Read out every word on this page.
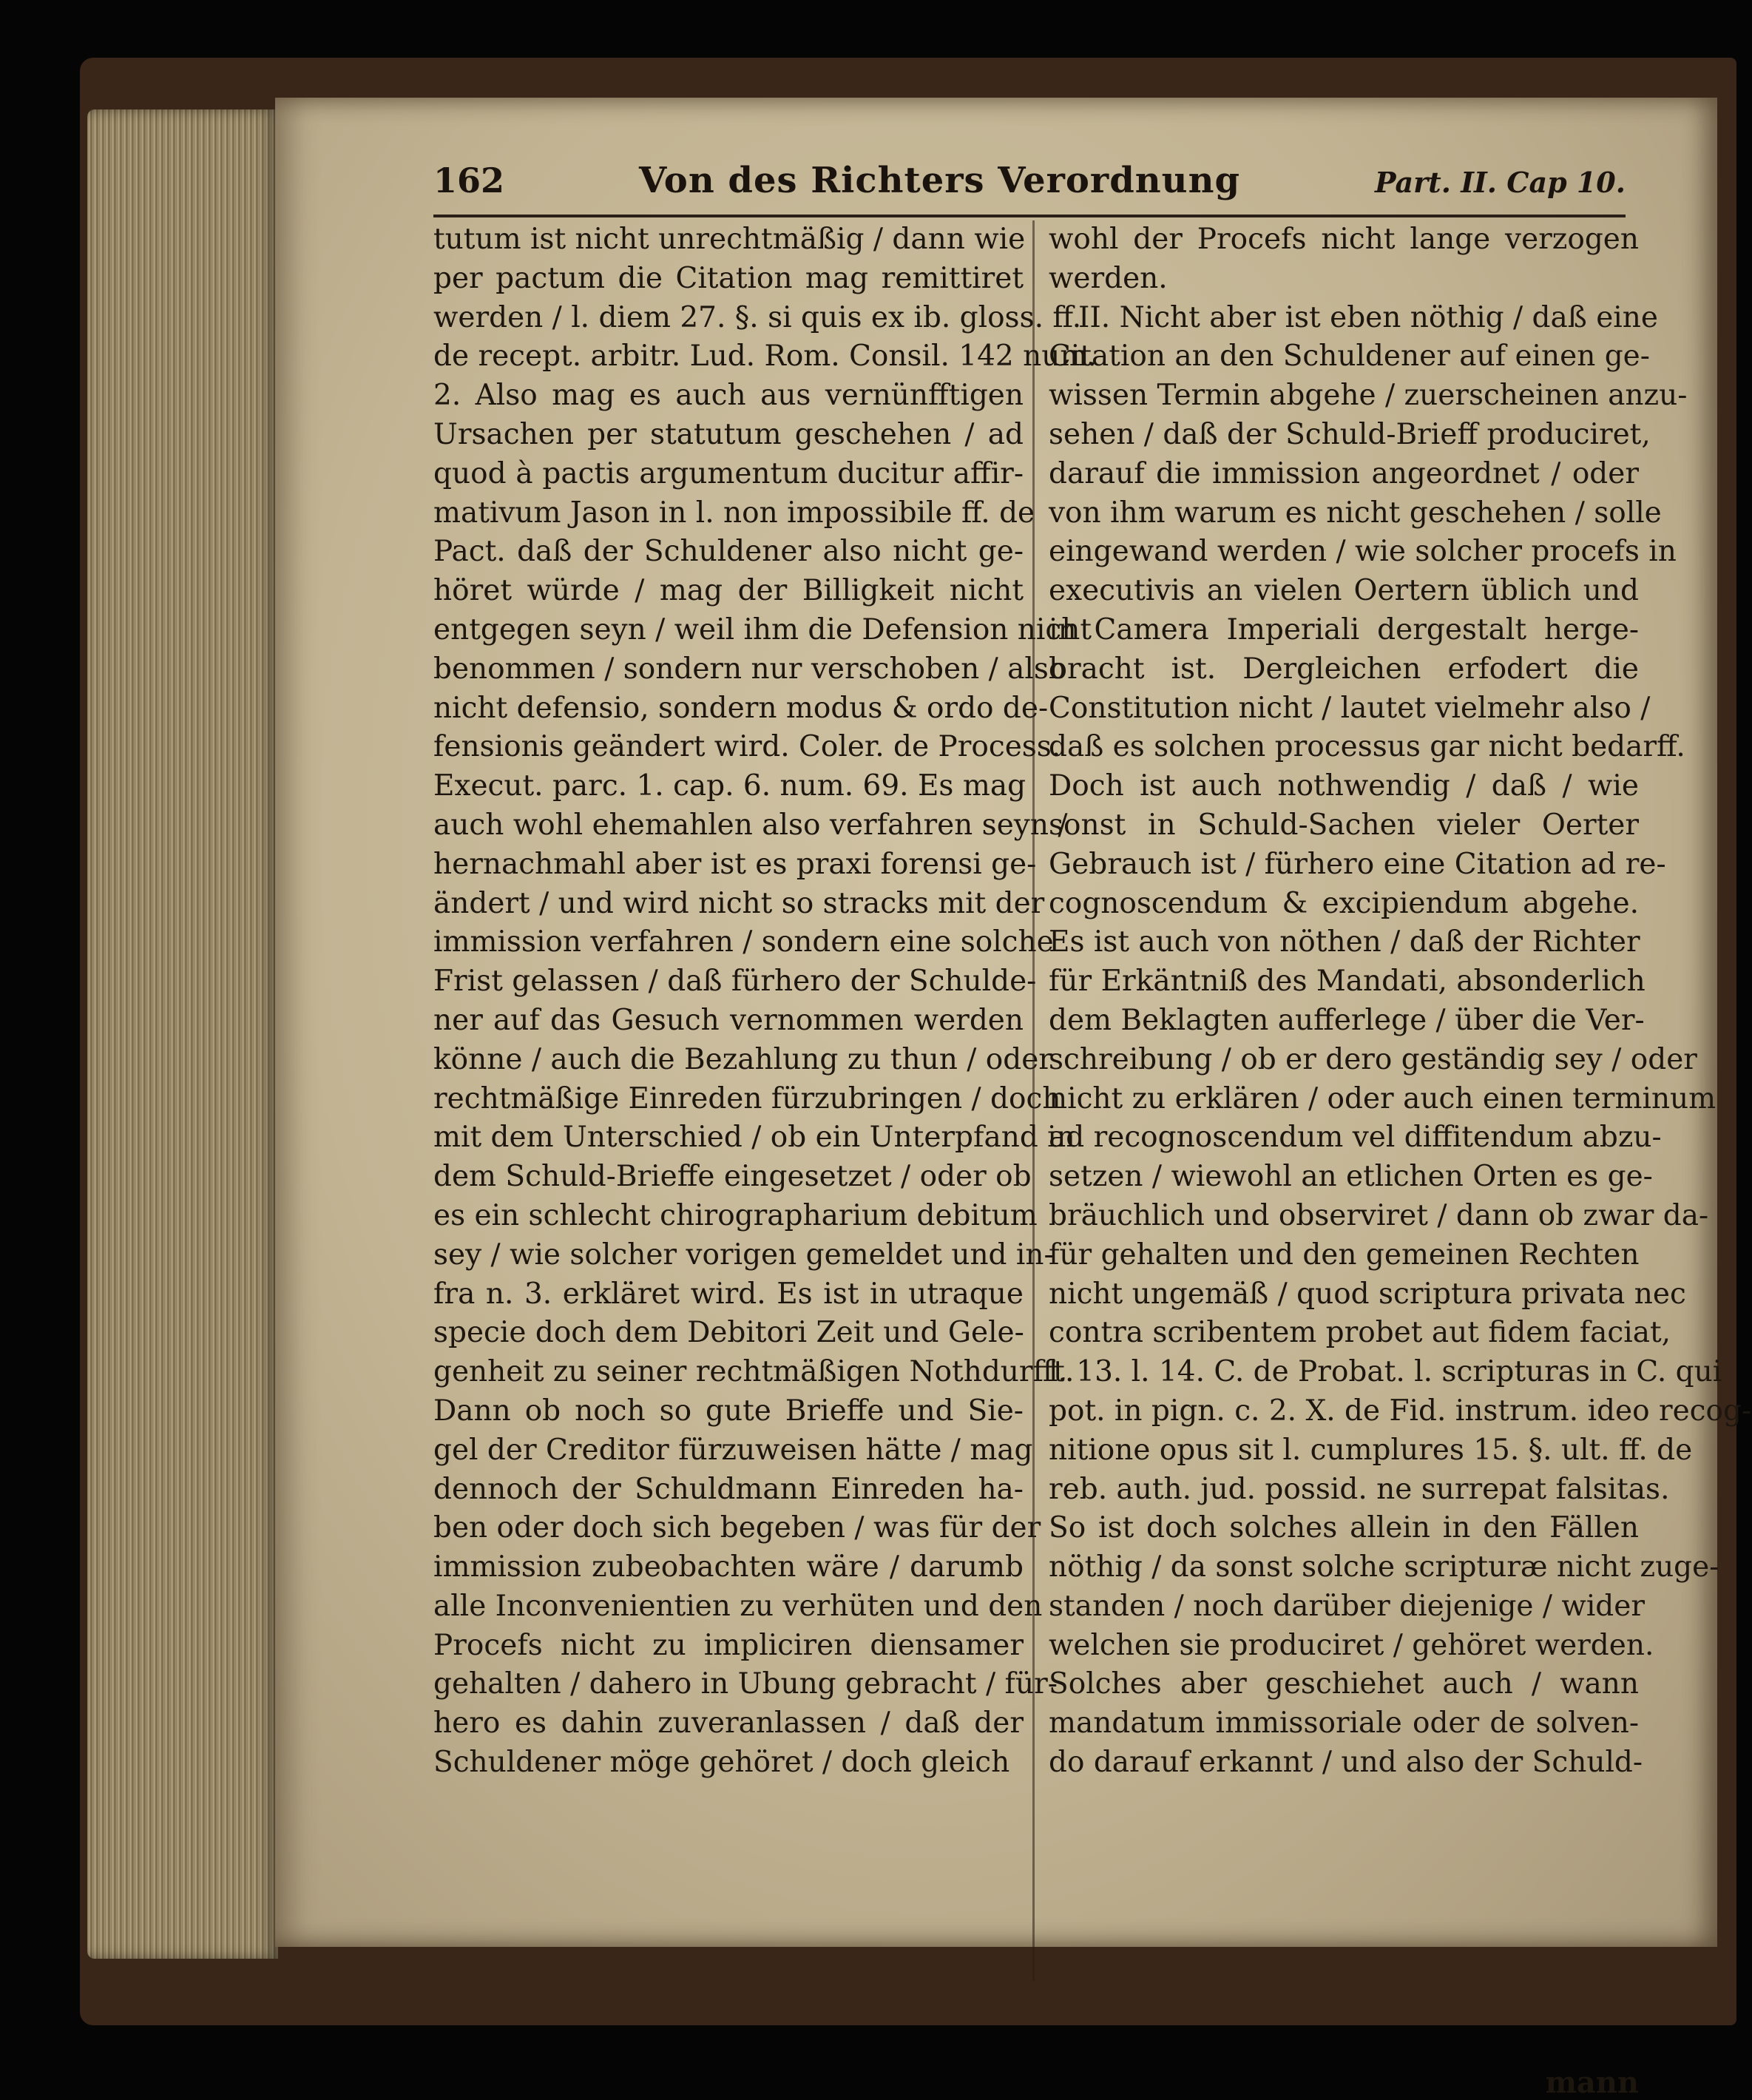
162	Von des Richters Verordnung	Part. II. Cap 10.
tutum ist nicht unrechtmäßig / dann wie
per pactum die Citation mag remittiret
werden / l. diem 27. §. si quis ex ib. gloss. ff.
de recept. arbitr. Lud. Rom. Consil. 142 num.
2. Also mag es auch aus vernünfftigen
Ursachen per statutum geschehen / ad
quod à pactis argumentum ducitur affir-
mativum Jason in l. non impossibile ff. de
Pact. daß der Schuldener also nicht ge-
höret würde / mag der Billigkeit nicht
entgegen seyn / weil ihm die Defension nicht
benommen / sondern nur verschoben / also
nicht defensio, sondern modus & ordo de-
fensionis geändert wird. Coler. de Process.
Execut. parc. 1. cap. 6. num. 69. Es mag
auch wohl ehemahlen also verfahren seyn /
hernachmahl aber ist es praxi forensi ge-
ändert / und wird nicht so stracks mit der
immission verfahren / sondern eine solche
Frist gelassen / daß fürhero der Schulde-
ner auf das Gesuch vernommen werden
könne / auch die Bezahlung zu thun / oder
rechtmäßige Einreden fürzubringen / doch
mit dem Unterschied / ob ein Unterpfand in
dem Schuld-Brieffe eingesetzet / oder ob
es ein schlecht chirographarium debitum
sey / wie solcher vorigen gemeldet und in-
fra n. 3. erkläret wird. Es ist in utraque
specie doch dem Debitori Zeit und Gele-
genheit zu seiner rechtmäßigen Nothdurfft.
Dann ob noch so gute Brieffe und Sie-
gel der Creditor fürzuweisen hätte / mag
dennoch der Schuldmann Einreden ha-
ben oder doch sich begeben / was für der
immission zubeobachten wäre / darumb
alle Inconvenientien zu verhüten und den
Procefs nicht zu impliciren diensamer
gehalten / dahero in Ubung gebracht / für-
hero es dahin zuveranlassen / daß der
Schuldener möge gehöret / doch gleich
wohl der Procefs nicht lange verzogen
werden.
II. Nicht aber ist eben nöthig / daß eine
Citation an den Schuldener auf einen ge-
wissen Termin abgehe / zuerscheinen anzu-
sehen / daß der Schuld-Brieff produciret,
darauf die immission angeordnet / oder
von ihm warum es nicht geschehen / solle
eingewand werden / wie solcher procefs in
executivis an vielen Oertern üblich und
in Camera Imperiali dergestalt herge-
bracht ist. Dergleichen erfodert die
Constitution nicht / lautet vielmehr also /
daß es solchen processus gar nicht bedarff.
Doch ist auch nothwendig / daß / wie
sonst in Schuld-Sachen vieler Oerter
Gebrauch ist / fürhero eine Citation ad re-
cognoscendum & excipiendum abgehe.
Es ist auch von nöthen / daß der Richter
für Erkäntniß des Mandati, absonderlich
dem Beklagten aufferlege / über die Ver-
schreibung / ob er dero geständig sey / oder
nicht zu erklären / oder auch einen terminum
ad recognoscendum vel diffitendum abzu-
setzen / wiewohl an etlichen Orten es ge-
bräuchlich und observiret / dann ob zwar da-
für gehalten und den gemeinen Rechten
nicht ungemäß / quod scriptura privata nec
contra scribentem probet aut fidem faciat,
l. 13. l. 14. C. de Probat. l. scripturas in C. qui
pot. in pign. c. 2. X. de Fid. instrum. ideo recog-
nitione opus sit l. cumplures 15. §. ult. ff. de
reb. auth. jud. possid. ne surrepat falsitas.
So ist doch solches allein in den Fällen
nöthig / da sonst solche scripturæ nicht zuge-
standen / noch darüber diejenige / wider
welchen sie produciret / gehöret werden.
Solches aber geschiehet auch / wann
mandatum immissoriale oder de solven-
do darauf erkannt / und also der Schuld-
mann
